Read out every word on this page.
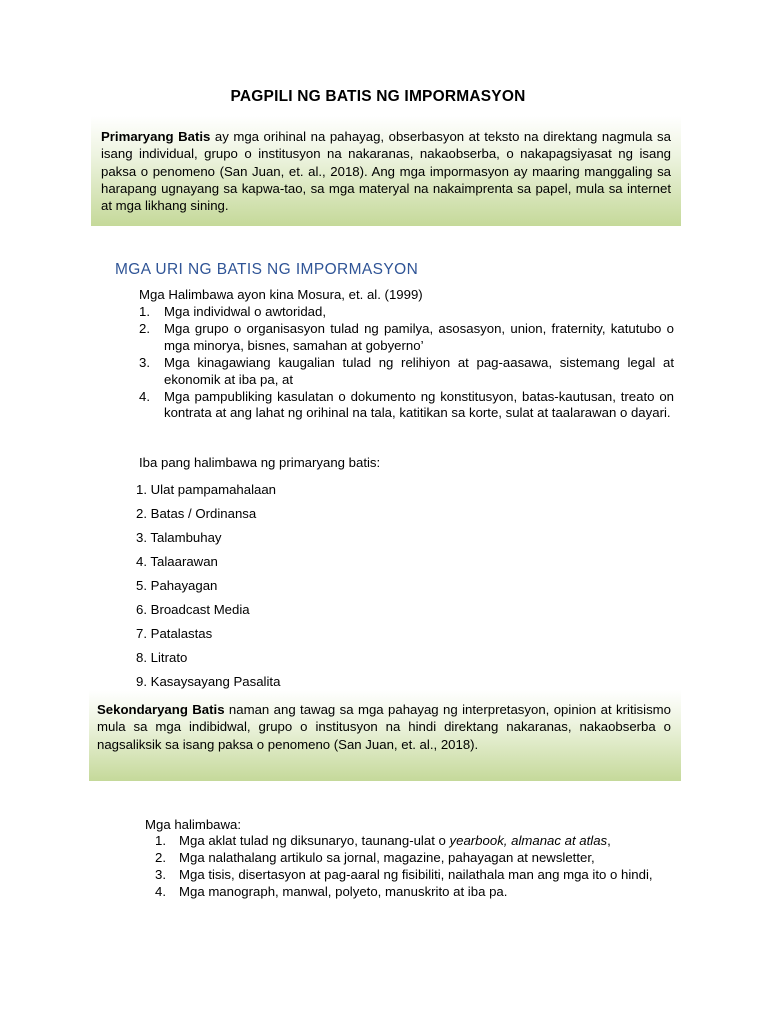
PAGPILI NG BATIS NG IMPORMASYON

Primaryang Batis ay mga orihinal na pahayag, obserbasyon at teksto na direktang nagmula sa isang individual, grupo o institusyon na nakaranas, nakaobserba, o nakapagsiyasat ng isang paksa o penomeno (San Juan, et. al., 2018). Ang mga impormasyon ay maaring manggaling sa harapang ugnayang sa kapwa-tao, sa mga materyal na nakaimprenta sa papel, mula sa internet at mga likhang sining.

MGA URI NG BATIS NG IMPORMASYON
Mga Halimbawa ayon kina Mosura, et. al. (1999)
1. Mga individwal o awtoridad,
2. Mga grupo o organisasyon tulad ng pamilya, asosasyon, union, fraternity, katutubo o mga minorya, bisnes, samahan at gobyerno’
3. Mga kinagawiang kaugalian tulad ng relihiyon at pag-aasawa, sistemang legal at ekonomik at iba pa, at
4. Mga pampubliking kasulatan o dokumento ng konstitusyon, batas-kautusan, treato on kontrata at ang lahat ng orihinal na tala, katitikan sa korte, sulat at taalarawan o dayari.
Iba pang halimbawa ng primaryang batis:
1. Ulat pampamahalaan
2. Batas / Ordinansa
3. Talambuhay
4. Talaarawan
5. Pahayagan
6. Broadcast Media
7. Patalastas
8. Litrato
9. Kasaysayang Pasalita

Sekondaryang Batis naman ang tawag sa mga pahayag ng interpretasyon, opinion at kritisismo mula sa mga indibidwal, grupo o institusyon na hindi direktang nakaranas, nakaobserba o nagsaliksik sa isang paksa o penomeno (San Juan, et. al., 2018).

Mga halimbawa:
1. Mga aklat tulad ng diksunaryo, taunang-ulat o yearbook, almanac at atlas,
2. Mga nalathalang artikulo sa jornal, magazine, pahayagan at newsletter,
3. Mga tisis, disertasyon at pag-aaral ng fisibiliti, nailathala man ang mga ito o hindi,
4. Mga manograph, manwal, polyeto, manuskrito at iba pa.
